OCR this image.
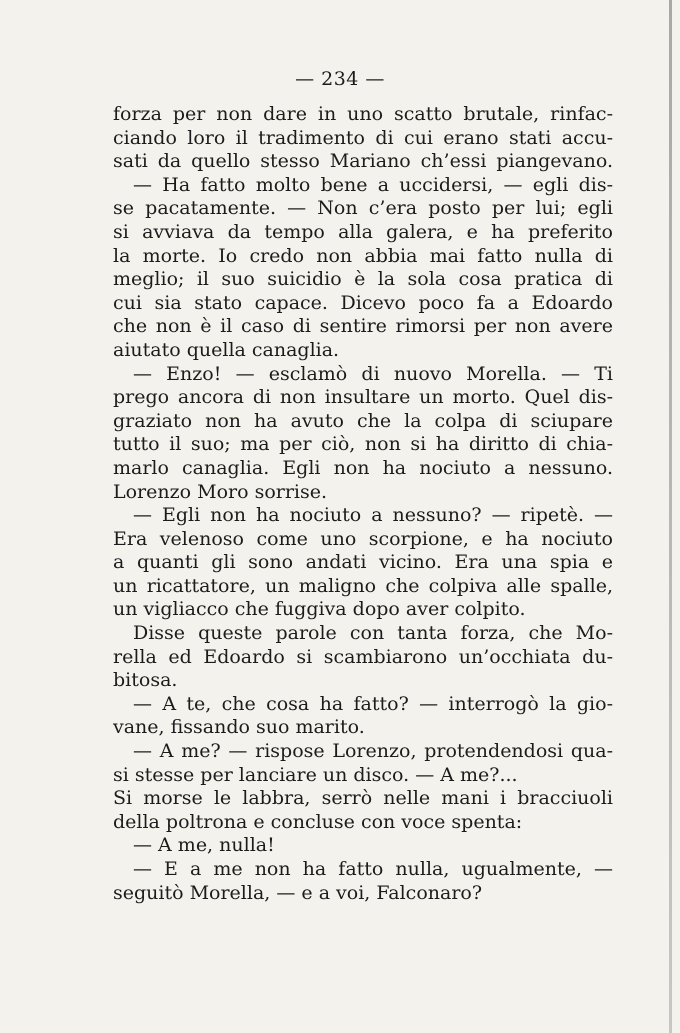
— 234 —
forza per non dare in uno scatto brutale, rinfac-
ciando loro il tradimento di cui erano stati accu-
sati da quello stesso Mariano ch’essi piangevano.
— Ha fatto molto bene a uccidersi, — egli dis-
se pacatamente. — Non c’era posto per lui; egli
si avviava da tempo alla galera, e ha preferito
la morte. Io credo non abbia mai fatto nulla di
meglio; il suo suicidio è la sola cosa pratica di
cui sia stato capace. Dicevo poco fa a Edoardo
che non è il caso di sentire rimorsi per non avere
aiutato quella canaglia.
— Enzo! — esclamò di nuovo Morella. — Ti
prego ancora di non insultare un morto. Quel dis-
graziato non ha avuto che la colpa di sciupare
tutto il suo; ma per ciò, non si ha diritto di chia-
marlo canaglia. Egli non ha nociuto a nessuno.
Lorenzo Moro sorrise.
— Egli non ha nociuto a nessuno? — ripetè. —
Era velenoso come uno scorpione, e ha nociuto
a quanti gli sono andati vicino. Era una spia e
un ricattatore, un maligno che colpiva alle spalle,
un vigliacco che fuggiva dopo aver colpito.
Disse queste parole con tanta forza, che Mo-
rella ed Edoardo si scambiarono un’occhiata du-
bitosa.
— A te, che cosa ha fatto? — interrogò la gio-
vane, fissando suo marito.
— A me? — rispose Lorenzo, protendendosi qua-
si stesse per lanciare un disco. — A me?...
Si morse le labbra, serrò nelle mani i bracciuoli
della poltrona e concluse con voce spenta:
— A me, nulla!
— E a me non ha fatto nulla, ugualmente, —
seguitò Morella, — e a voi, Falconaro?
